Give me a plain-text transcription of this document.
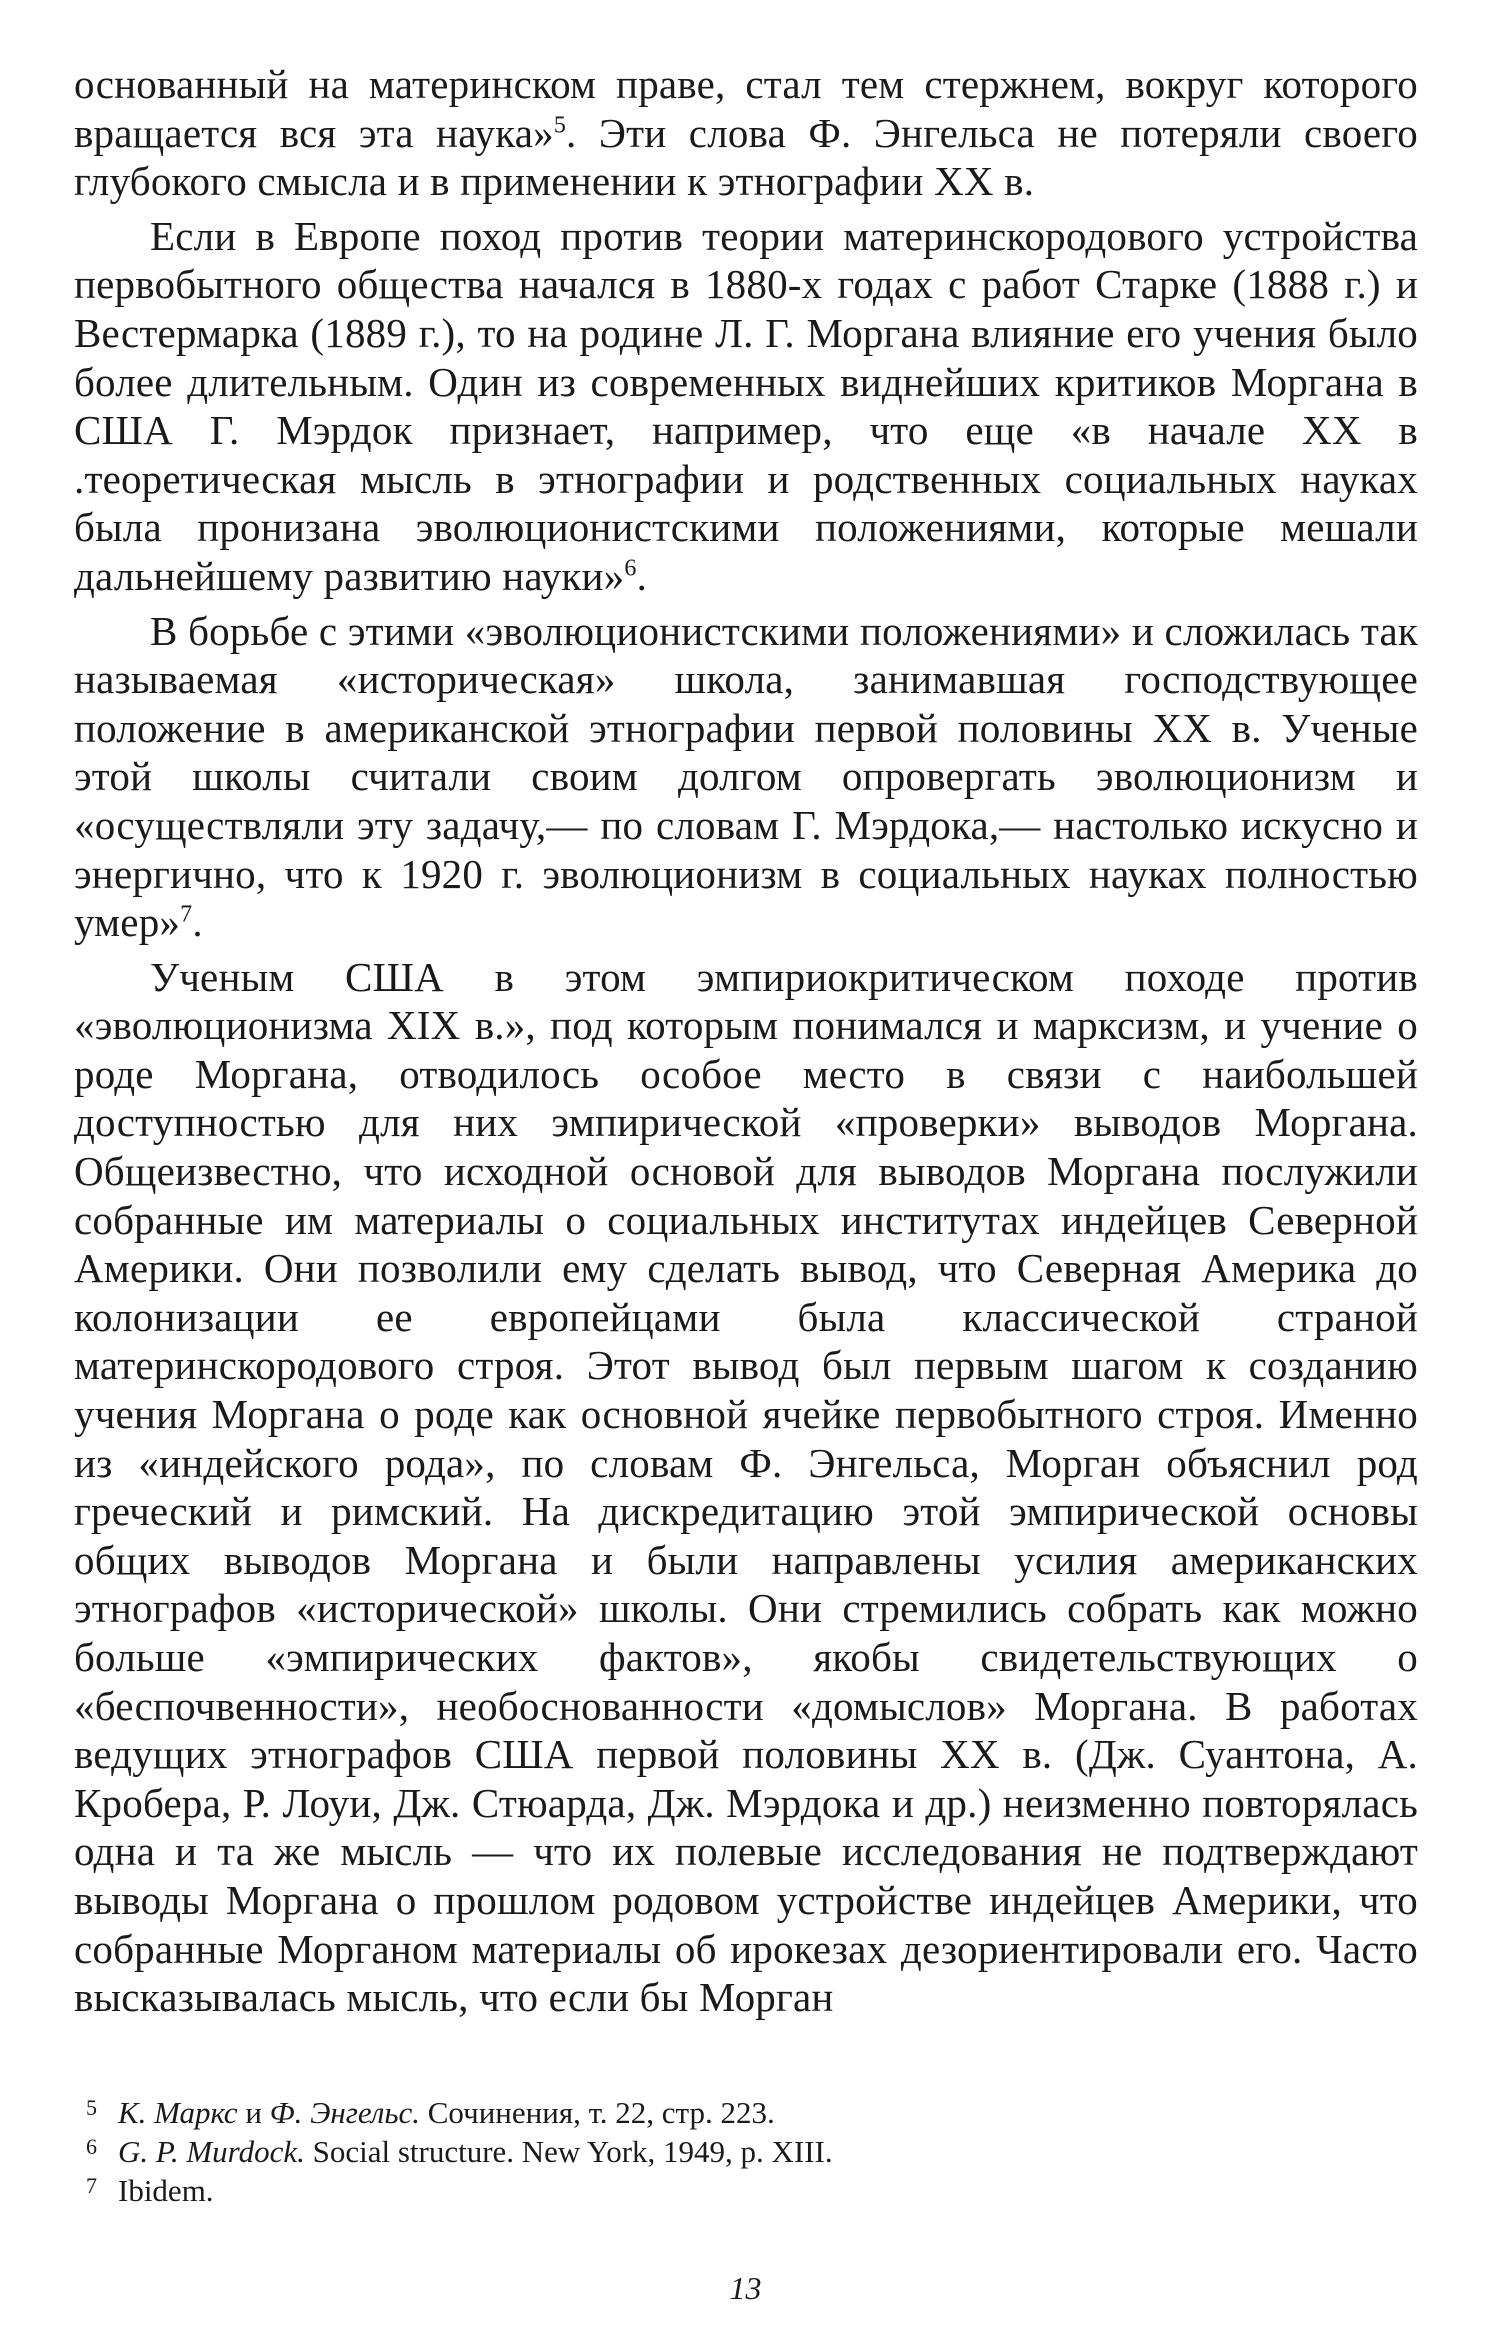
основанный на материнском праве, стал тем стержнем, вокруг которого вращается вся эта наука»$^5$. Эти слова Ф. Энгельса не потеряли своего глубокого смысла и в применении к этнографии XX в.

Если в Европе поход против теории материнскородового устройства первобытного общества начался в 1880-х годах с работ Старке (1888 г.) и Вестермарка (1889 г.), то на родине Л. Г. Моргана влияние его учения было более длительным. Один из современных виднейших критиков Моргана в США Г. Мэрдок признает, например, что еще «в начале XX в .теоретическая мысль в этнографии и родственных социальных науках была пронизана эволюционистскими положениями, которые мешали дальнейшему развитию науки»$^6$.

В борьбе с этими «эволюционистскими положениями» и сложилась так называемая «историческая» школа, занимавшая господствующее положение в американской этнографии первой половины XX в. Ученые этой школы считали своим долгом опровергать эволюционизм и «осуществляли эту задачу,— по словам Г. Мэрдока,— настолько искусно и энергично, что к 1920 г. эволюционизм в социальных науках полностью умер»$^7$.

Ученым США в этом эмпириокритическом походе против «эволюционизма XIX в.», под которым понимался и марксизм, и учение о роде Моргана, отводилось особое место в связи с наибольшей доступностью для них эмпирической «проверки» выводов Моргана. Общеизвестно, что исходной основой для выводов Моргана послужили собранные им материалы о социальных институтах индейцев Северной Америки. Они позволили ему сделать вывод, что Северная Америка до колонизации ее европейцами была классической страной материнскородового строя. Этот вывод был первым шагом к созданию учения Моргана о роде как основной ячейке первобытного строя. Именно из «индейского рода», по словам Ф. Энгельса, Морган объяснил род греческий и римский. На дискредитацию этой эмпирической основы общих выводов Моргана и были направлены усилия американских этнографов «исторической» школы. Они стремились собрать как можно больше «эмпирических фактов», якобы свидетельствующих о «беспочвенности», необоснованности «домыслов» Моргана. В работах ведущих этнографов США первой половины XX в. (Дж. Суантона, А. Кробера, Р. Лоуи, Дж. Стюарда, Дж. Мэрдока и др.) неизменно повторялась одна и та же мысль — что их полевые исследования не подтверждают выводы Моргана о прошлом родовом устройстве индейцев Америки, что собранные Морганом материалы об ирокезах дезориентировали его. Часто высказывалась мысль, что если бы Морган

5 К. Маркс и Ф. Энгельс. Сочинения, т. 22, стр. 223.
6 G. P. Murdock. Social structure. New York, 1949, p. XIII.
7 Ibidem.
13
